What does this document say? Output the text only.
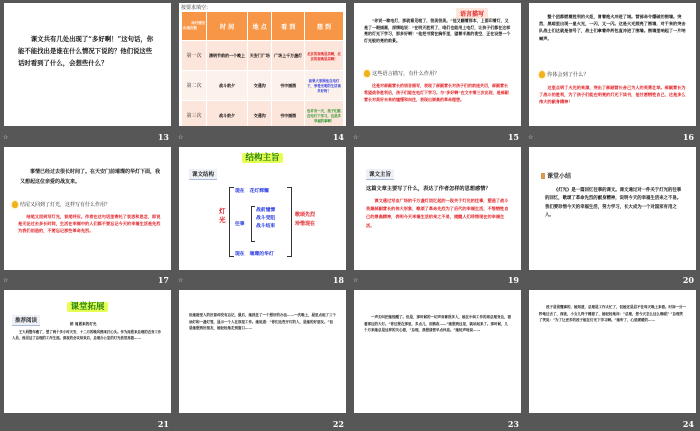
课文共有几处出现了“多好啊！”这句话，你能不能找出是谁在什么情况下说的？他们说这些话时看到了什么，会想些什么？
☆	13
按要求填空：
当时情况
出现次数	时 间	地 点	看 到	想 到
第一次	清明节前的一个晚上	天安门广场	广场上千万盏灯	北京的夜晚是美啊，北京的夜晚是美啊！
第二次	战斗前夕	交通沟	书中插图	如果大家围坐在电灯下，享受光明的生活该多好呀！
第三次	战斗前夕	交通沟	书中插图	也许有一天，孩子们能在电灯下学习，这是多幸福的事啊！
☆	14
语言描写
“你说一歇电灯，那就看见啦了，很美很美。”他又翻着那本，上面印着灯，又是了一眼插画，深情地说：“在明天胜利了，咱们也能用上电灯，让孩子们都在这样亮的灯光下学习，那多好啊！”他把书窝在胸怀里，望着半黑的夜空，正在设想一个灯光般的亮的前景。
这些语言描写，有什么作用？
这是对郝副营长的语言描写，表现了郝副营长对孩子们的前途关切，郝副营长希望战争胜利后，孩子们能在电灯下学习。与“多好啊”在文中第三次出现，是郝副营长对美好未来的憧憬和向往，表现出崇高的革命理想。
☆	15
整个团都燃着胜利的火炬，冒着炮火冲进了城。营部命令爆破的围墙。突然，黑暗里出现一星火光，一闪，又一闪。这是火光照亮了围墙，对于来的突击队战士们这就是信号了，战士们拿着炸药包直冲进了围墙。围墙里响起了一片呐喊声。
你体会到了什么？
这里点明了火光的来源，突出了郝副营长舍己为人的英勇壮举。郝副营长为了战斗的胜利，为了孩子们能在明亮的灯光下读书，他甘愿牺牲自己，这是多么伟大的献身精神！
☆	16
事情已经过去很长时间了。在天安门前璀璨的华灯下面，我又想起这位亲爱的战友来。
结尾又回到了灯光，这样写有什么作用？
结尾又回到写灯光，首尾呼应。作者在这句话里寄托了哀思和思念，即说是无论过去多长时间，生活在幸福中的人们都不要忘记今天的幸福生活是先烈为我们创造的，不要忘记那些革命先烈。
☆	17
结构主旨
课文结构
灯光
现在 花灯辉耀
往事
战前憧憬
战斗受阻
战斗结束
现在 璀璨的华灯
歌颂先烈
珍惜现在
☆	18
课文主旨
这篇文章主要写了什么，表达了作者怎样的思想感情？
课文通过写由广场的千万盏灯回忆起的一段关于灯光的往事，塑造了战斗英雄郝副营长的伟大形象，歌颂了革命先烈为了后代的幸福生活，不惜牺牲自己的崇高精神，表明今天幸福生活的来之不易，提醒人们珍惜现在的幸福生活。
☆	19
课堂小结
《灯光》是一篇回忆往事的课文。课文通过对一件关于灯光的往事的回忆，歌颂了革命先烈的献身精神，说明今天的幸福生活来之不易。我们要珍惜今天的幸福生活，努力学习，长大成为一个对国家有用之人。
20
课堂拓展
推荐阅读	桥 周恩来的灯光
王大妈整年瘦了，望了两个多小时天安，十二月的晚风拂来打心头。作为周恩来总理的近身工作人员，他见证了总理的工作生涯。深夜的会议结束后，总理办公室的灯光依然亮着……
21
但她接受人的好意却没有忘记，最后，她抓住了一个想好的办法……一次晚上，屋里点起了三个油灯和一盏灯笼，显示一个人在那里工作。她说道：“你们这些开灯的人，是她的好朋友。”但是她想到好朋友，她轻轻地走到窗口……
22
一声尖叫把她惊醒了。但是，那时候的一切声音都很多人，她在中间工作的周总理身边，看着那边的大灯。“你还要在那里，多点儿，别熬夜……”她想到这里，就站起来了。那时候，几个月来她总是这样的关心着，“总理，我想请您早点休息。”她轻声地说……
23
孩子是很懂事的，她知道，总理是工作太忙了，但她还是忍不住每天晚上来看。时间一分一秒地过去了，深夜，小女儿终于睡着了，她轻轻地问：“总理，您今天怎么这么晚呢？”总理笑了笑说：“为了让更多的孩子能在灯光下学习啊。”她听了，心里暖暖的……
24
